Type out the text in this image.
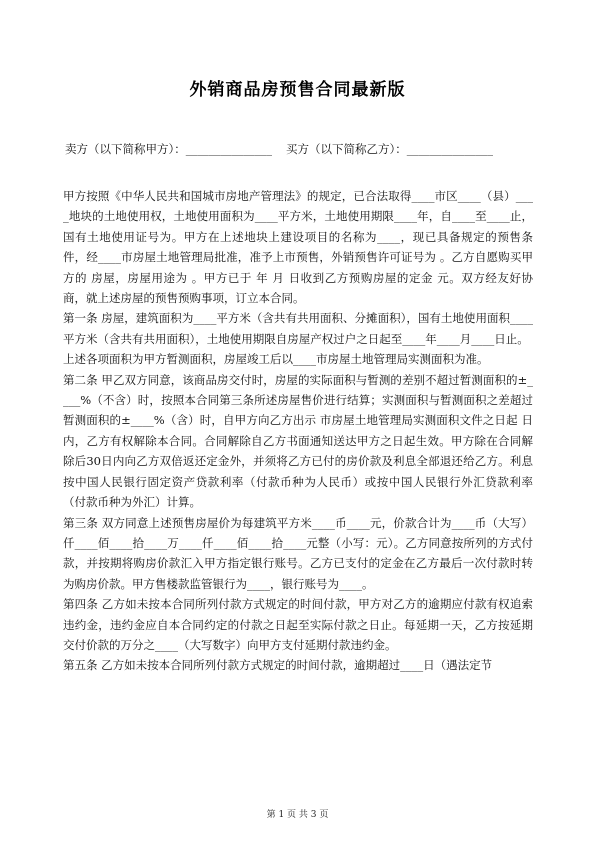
外销商品房预售合同最新版
卖方（以下简称甲方）：_______________ 买方（以下简称乙方）：_______________

甲方按照《中华人民共和国城市房地产管理法》的规定，已合法取得____市区____（县）____地块的土地使用权，土地使用面积为____平方米，土地使用期限____年，自____至____止，国有土地使用证号为。甲方在上述地块上建设项目的名称为____，现已具备规定的预售条件，经____市房屋土地管理局批准，准予上市预售，外销预售许可证号为 。乙方自愿购买甲方的 房屋，房屋用途为 。甲方已于 年 月 日收到乙方预购房屋的定金 元。双方经友好协商，就上述房屋的预售预购事项，订立本合同。

第一条 房屋，建筑面积为____平方米（含共有共用面积、分摊面积），国有土地使用面积____平方米（含共有共用面积），土地使用期限自房屋产权过户之日起至____年____月____日止。

上述各项面积为甲方暂测面积，房屋竣工后以____市房屋土地管理局实测面积为准。

第二条 甲乙双方同意，该商品房交付时，房屋的实际面积与暂测的差别不超过暂测面积的±____%（不含）时，按照本合同第三条所述房屋售价进行结算；实测面积与暂测面积之差超过暂测面积的±____%（含）时，自甲方向乙方出示 市房屋土地管理局实测面积文件之日起 日内，乙方有权解除本合同。合同解除自乙方书面通知送达甲方之日起生效。甲方除在合同解除后30日内向乙方双倍返还定金外，并须将乙方已付的房价款及利息全部退还给乙方。利息按中国人民银行固定资产贷款利率（付款币种为人民币）或按中国人民银行外汇贷款利率（付款币种为外汇）计算。

第三条 双方同意上述预售房屋价为每建筑平方米____币____元，价款合计为____币（大写）仟____佰____拾____万____仟____佰____拾____元整（小写：元）。乙方同意按所列的方式付款，并按期将购房价款汇入甲方指定银行账号。乙方已支付的定金在乙方最后一次付款时转为购房价款。甲方售楼款监管银行为____，银行账号为____。

第四条 乙方如未按本合同所列付款方式规定的时间付款，甲方对乙方的逾期应付款有权追索违约金，违约金应自本合同约定的付款之日起至实际付款之日止。每延期一天，乙方按延期交付价款的万分之____（大写数字）向甲方支付延期付款违约金。

第五条 乙方如未按本合同所列付款方式规定的时间付款，逾期超过____日（遇法定节

第 1 页 共 3 页
